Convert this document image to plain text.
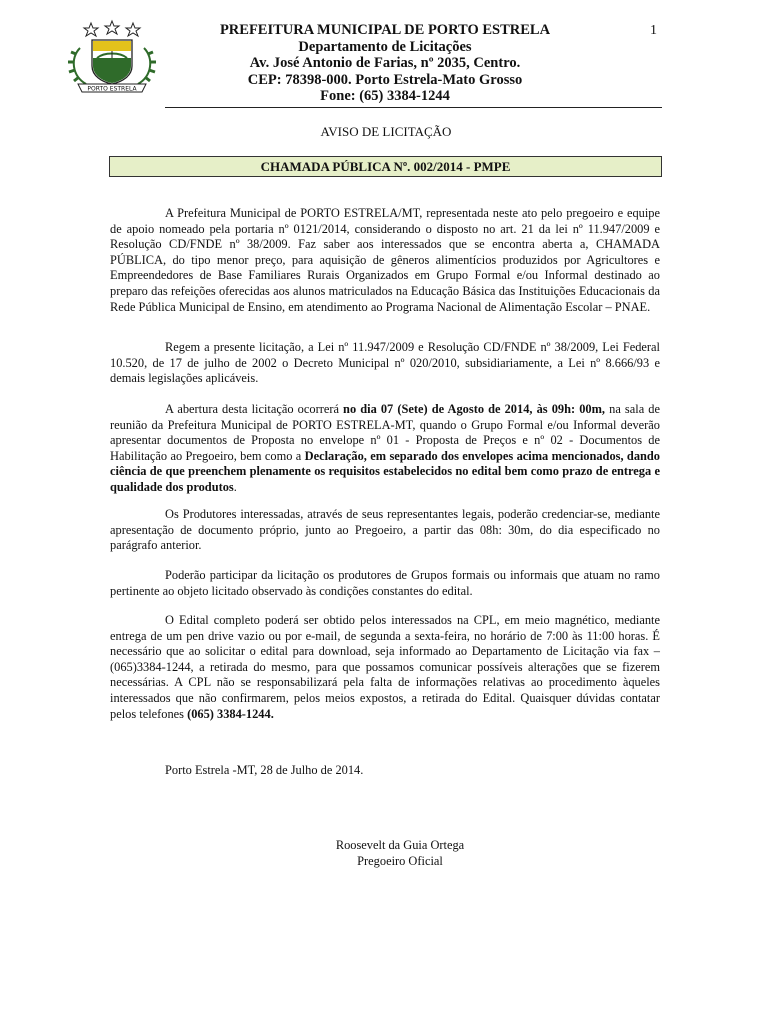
PORTO ESTRELA
PREFEITURA MUNICIPAL DE PORTO ESTRELA
Departamento de Licitações
Av. José Antonio de Farias, nº 2035, Centro.
CEP: 78398-000. Porto Estrela-Mato Grosso
Fone: (65) 3384-1244
1
AVISO DE LICITAÇÃO
CHAMADA PÚBLICA Nº. 002/2014 - PMPE

A Prefeitura Municipal de PORTO ESTRELA/MT, representada neste ato pelo pregoeiro e equipe de apoio nomeado pela portaria nº 0121/2014, considerando o disposto no art. 21 da lei nº 11.947/2009 e Resolução CD/FNDE nº 38/2009. Faz saber aos interessados que se encontra aberta a, CHAMADA PÚBLICA, do tipo menor preço, para aquisição de gêneros alimentícios produzidos por Agricultores e Empreendedores de Base Familiares Rurais Organizados em Grupo Formal e/ou Informal destinado ao preparo das refeições oferecidas aos alunos matriculados na Educação Básica das Instituições Educacionais da Rede Pública Municipal de Ensino, em atendimento ao Programa Nacional de Alimentação Escolar – PNAE.

Regem a presente licitação, a Lei nº 11.947/2009 e Resolução CD/FNDE nº 38/2009, Lei Federal 10.520, de 17 de julho de 2002 o Decreto Municipal nº 020/2010, subsidiariamente, a Lei nº 8.666/93 e demais legislações aplicáveis.

A abertura desta licitação ocorrerá no dia 07 (Sete) de Agosto de 2014, às 09h: 00m, na sala de reunião da Prefeitura Municipal de PORTO ESTRELA-MT, quando o Grupo Formal e/ou Informal deverão apresentar documentos de Proposta no envelope nº 01 - Proposta de Preços e nº 02 - Documentos de Habilitação ao Pregoeiro, bem como a Declaração, em separado dos envelopes acima mencionados, dando ciência de que preenchem plenamente os requisitos estabelecidos no edital bem como prazo de entrega e qualidade dos produtos.

Os Produtores interessadas, através de seus representantes legais, poderão credenciar-se, mediante apresentação de documento próprio, junto ao Pregoeiro, a partir das 08h: 30m, do dia especificado no parágrafo anterior.

Poderão participar da licitação os produtores de Grupos formais ou informais que atuam no ramo pertinente ao objeto licitado observado às condições constantes do edital.

O Edital completo poderá ser obtido pelos interessados na CPL, em meio magnético, mediante entrega de um pen drive vazio ou por e-mail, de segunda a sexta-feira, no horário de 7:00 às 11:00 horas. É necessário que ao solicitar o edital para download, seja informado ao Departamento de Licitação via fax – (065)3384-1244, a retirada do mesmo, para que possamos comunicar possíveis alterações que se fizerem necessárias. A CPL não se responsabilizará pela falta de informações relativas ao procedimento àqueles interessados que não confirmarem, pelos meios expostos, a retirada do Edital. Quaisquer dúvidas contatar pelos telefones (065) 3384-1244.

Porto Estrela -MT, 28 de Julho de 2014.
Roosevelt da Guia Ortega
Pregoeiro Oficial
